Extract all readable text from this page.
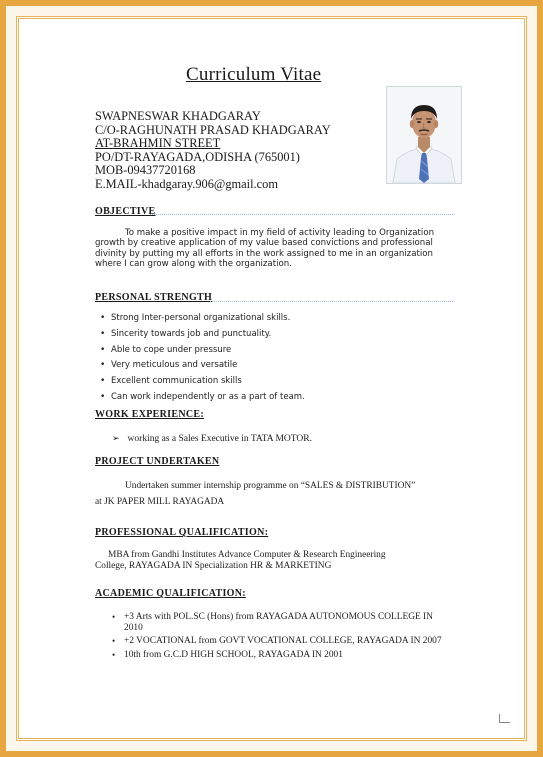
Curriculum Vitae
SWAPNESWAR KHADGARAY
C/O-RAGHUNATH PRASAD KHADGARAY
AT-BRAHMIN STREET
PO/DT-RAYAGADA,ODISHA (765001)
MOB-09437720168
E.MAIL-khadgaray.906@gmail.com
OBJECTIVE
To make a positive impact in my field of activity leading to Organization growth by creative application of my value based convictions and professional divinity by putting my all efforts in the work assigned to me in an organization where I can grow along with the organization.
PERSONAL STRENGTH
• Strong Inter-personal organizational skills.
• Sincerity towards job and punctuality.
• Able to cope under pressure
• Very meticulous and versatile
• Excellent communication skills
• Can work independently or as a part of team.
WORK EXPERIENCE:
➢ working as a Sales Executive in TATA MOTOR.
PROJECT UNDERTAKEN
Undertaken summer internship programme on “SALES & DISTRIBUTION”
at JK PAPER MILL RAYAGADA
PROFESSIONAL QUALIFICATION:
MBA from Gandhi Institutes Advance Computer & Research Engineering College, RAYAGADA IN Specialization HR & MARKETING
ACADEMIC QUALIFICATION:
• +3 Arts with POL.SC (Hons) from RAYAGADA AUTONOMOUS COLLEGE IN 2010
• +2 VOCATIONAL from GOVT VOCATIONAL COLLEGE, RAYAGADA IN 2007
• 10th from G.C.D HIGH SCHOOL, RAYAGADA IN 2001
